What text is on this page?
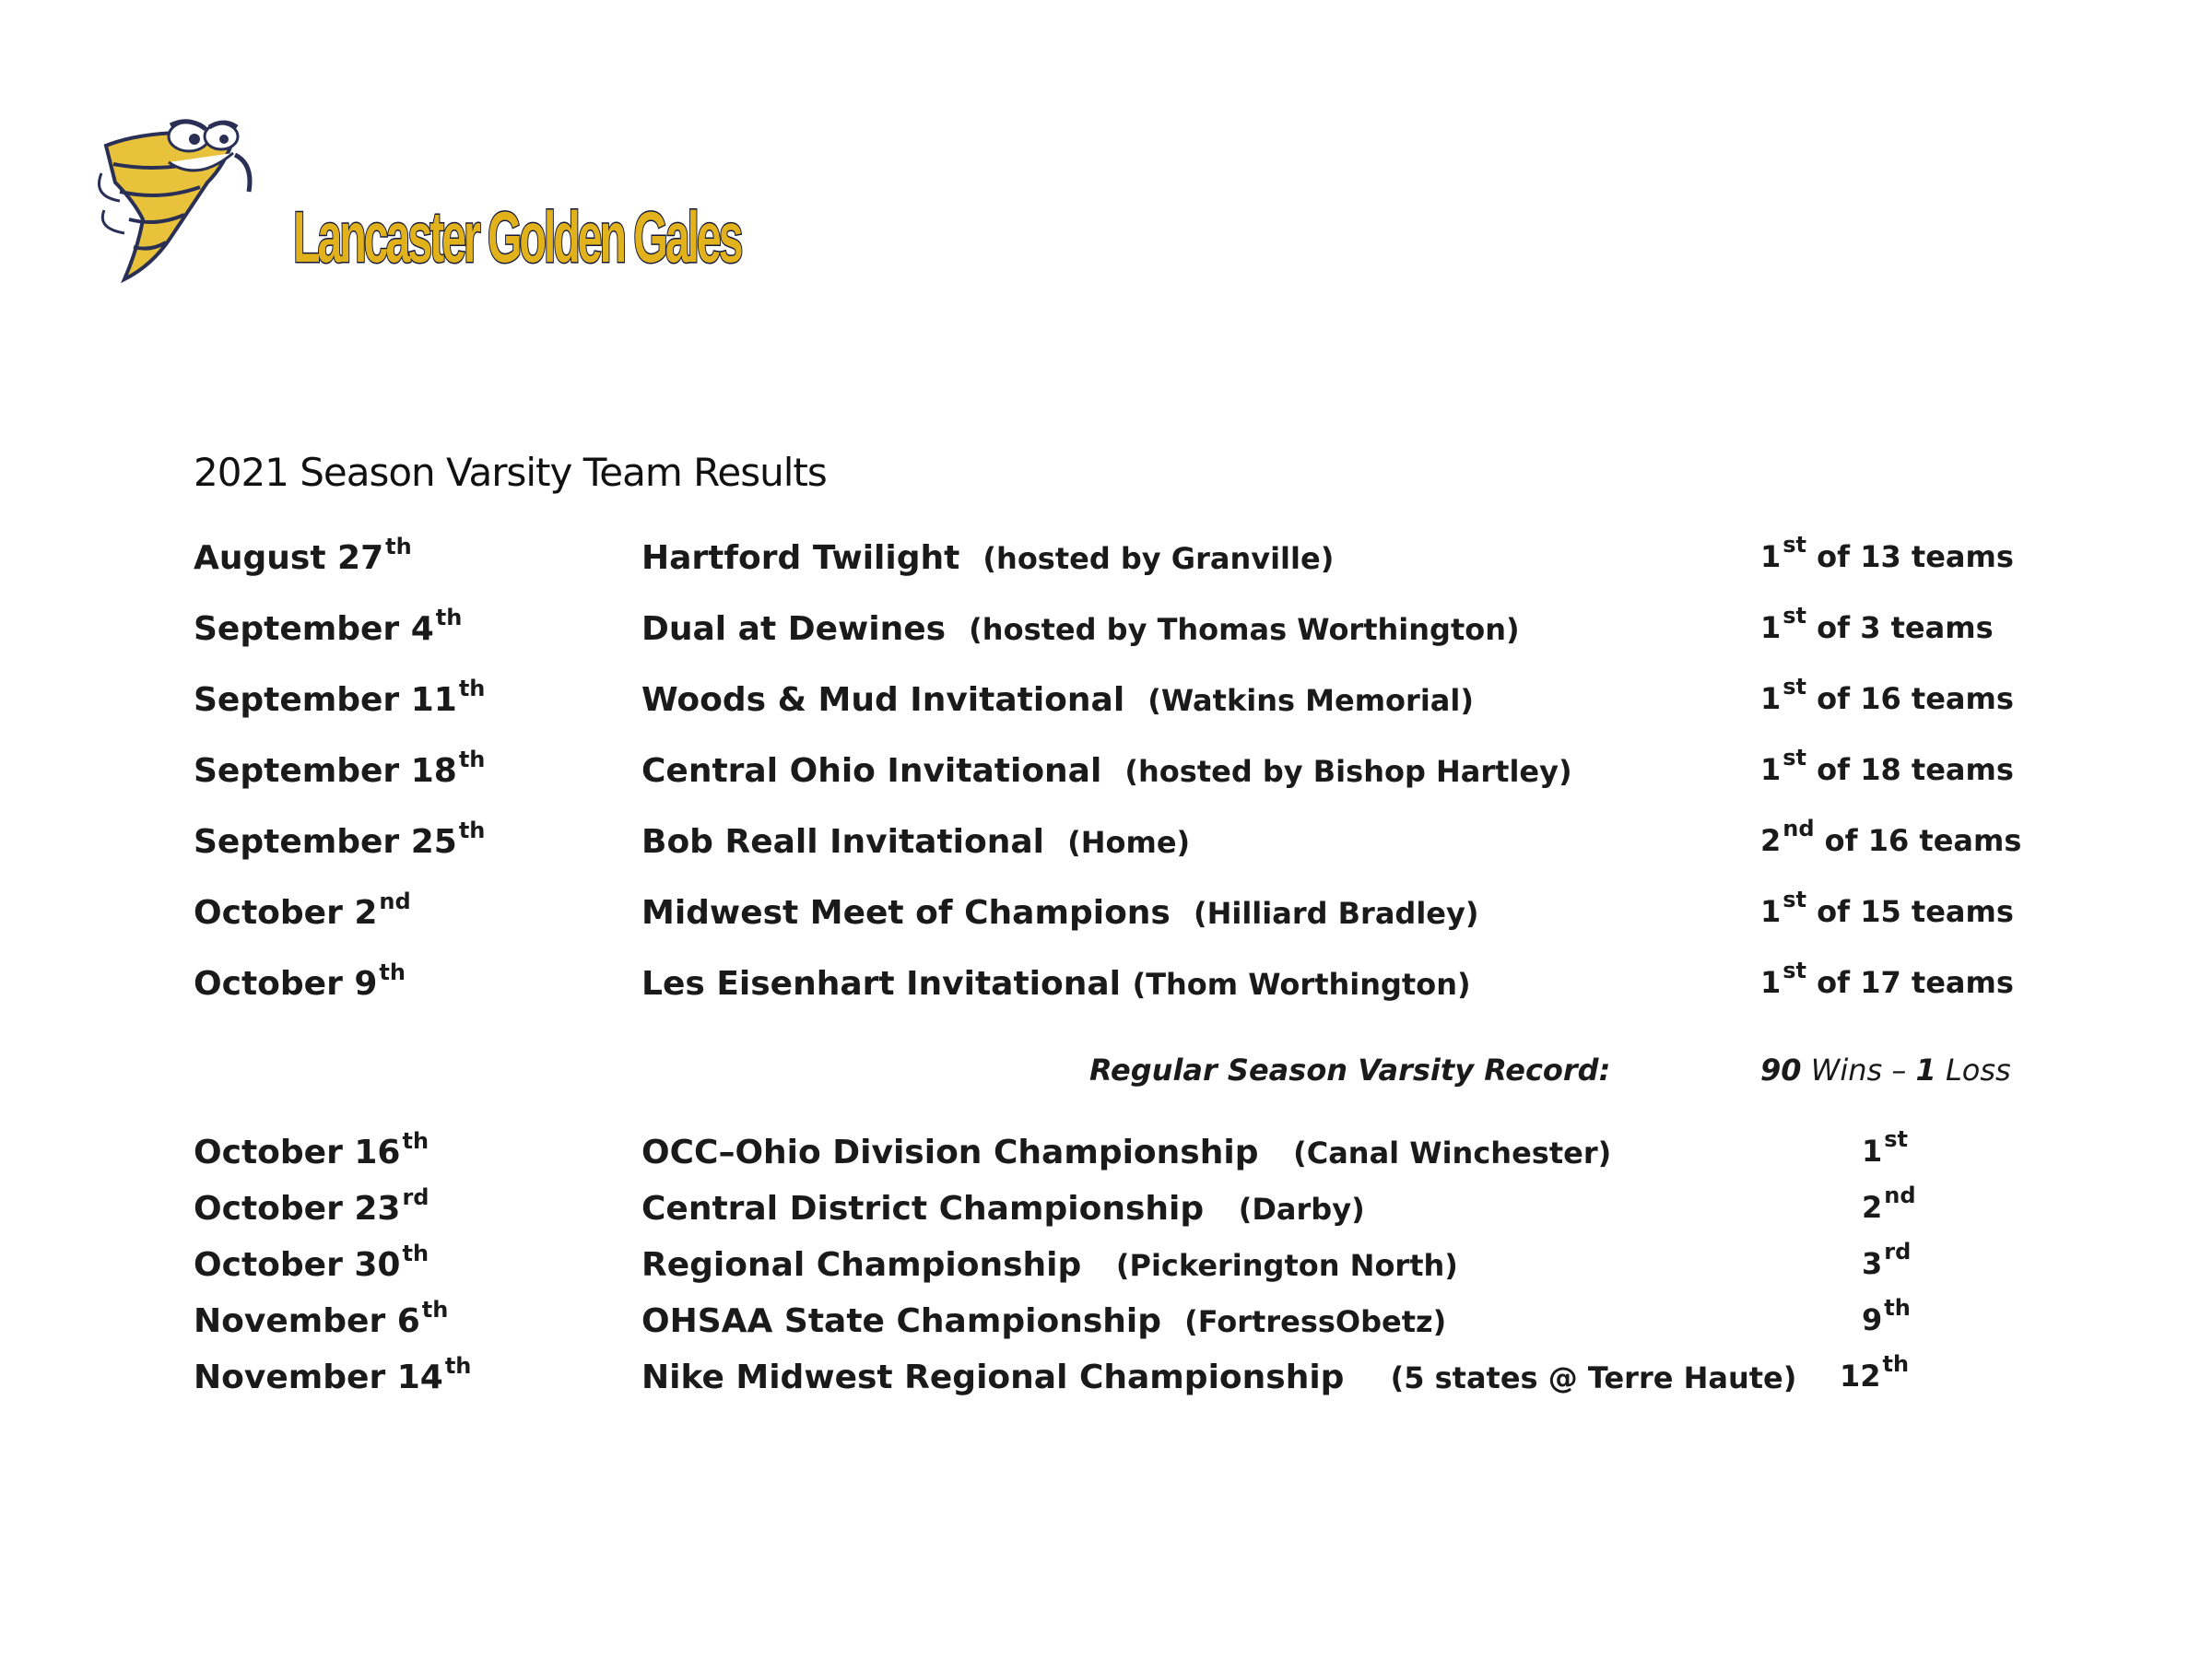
Lancaster Golden Gales
2021 Season Varsity Team Results
August 27th	Hartford Twilight (hosted by Granville)	1st of 13 teams
September 4th	Dual at Dewines (hosted by Thomas Worthington)	1st of 3 teams
September 11th	Woods & Mud Invitational (Watkins Memorial)	1st of 16 teams
September 18th	Central Ohio Invitational (hosted by Bishop Hartley)	1st of 18 teams
September 25th	Bob Reall Invitational (Home)	2nd of 16 teams
October 2nd	Midwest Meet of Champions (Hilliard Bradley)	1st of 15 teams
October 9th	Les Eisenhart Invitational (Thom Worthington)	1st of 17 teams
Regular Season Varsity Record:	90 Wins – 1 Loss
October 16th	OCC–Ohio Division Championship (Canal Winchester)	1st
October 23rd	Central District Championship (Darby)	2nd
October 30th	Regional Championship (Pickerington North)	3rd
November 6th	OHSAA State Championship (FortressObetz)	9th
November 14th	Nike Midwest Regional Championship (5 states @ Terre Haute) 12th
